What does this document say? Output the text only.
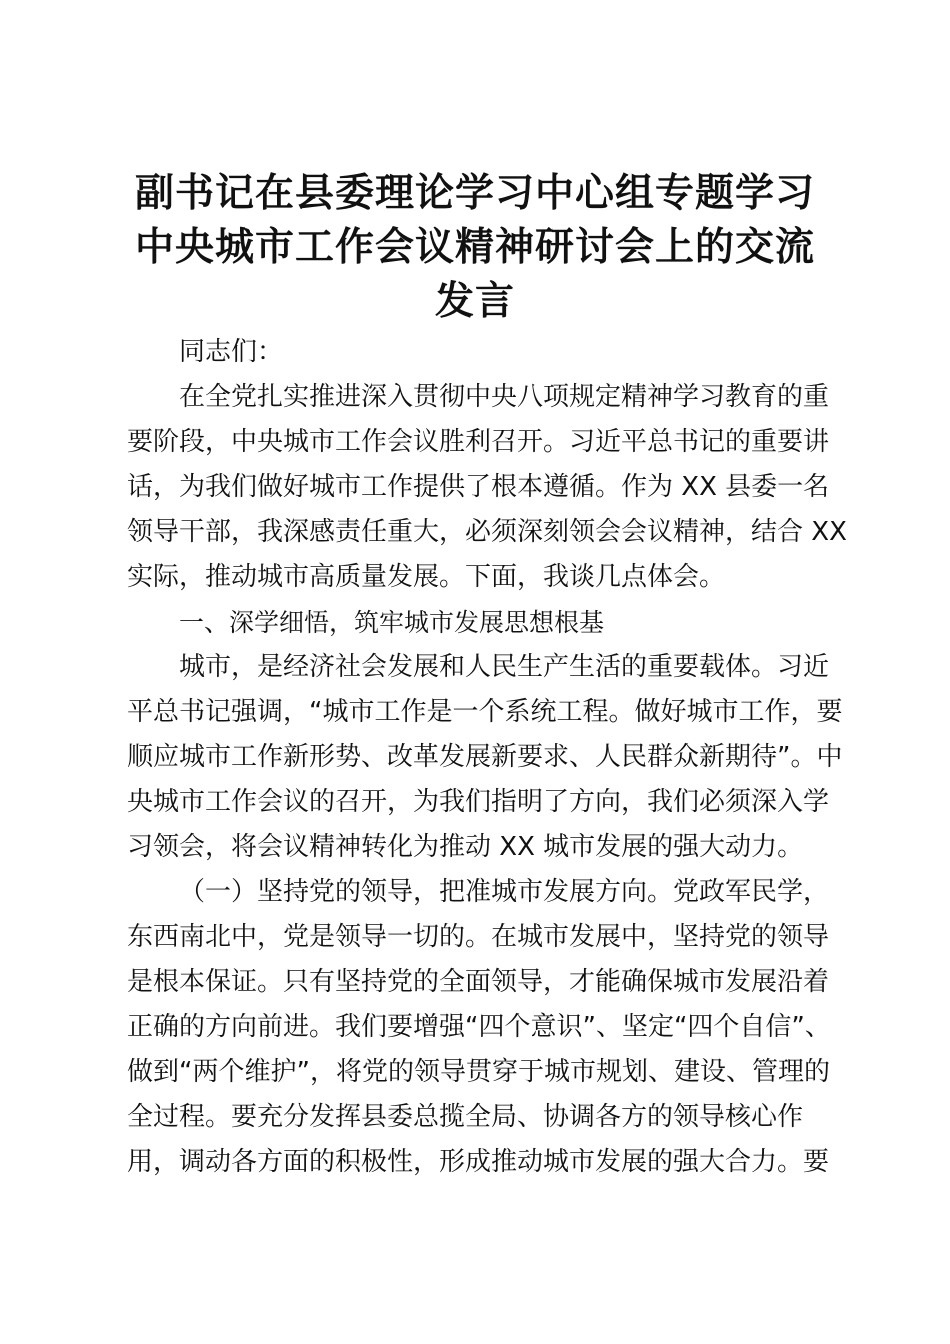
副书记在县委理论学习中心组专题学习
中央城市工作会议精神研讨会上的交流
发言

同志们：

在全党扎实推进深入贯彻中央八项规定精神学习教育的重
要阶段，中央城市工作会议胜利召开。习近平总书记的重要讲
话，为我们做好城市工作提供了根本遵循。作为 XX 县委一名
领导干部，我深感责任重大，必须深刻领会会议精神，结合 XX
实际，推动城市高质量发展。下面，我谈几点体会。

一、深学细悟，筑牢城市发展思想根基

城市，是经济社会发展和人民生产生活的重要载体。习近
平总书记强调，“城市工作是一个系统工程。做好城市工作，要
顺应城市工作新形势、改革发展新要求、人民群众新期待”。中
央城市工作会议的召开，为我们指明了方向，我们必须深入学
习领会，将会议精神转化为推动 XX 城市发展的强大动力。

（一）坚持党的领导，把准城市发展方向。党政军民学，
东西南北中，党是领导一切的。在城市发展中，坚持党的领导
是根本保证。只有坚持党的全面领导，才能确保城市发展沿着
正确的方向前进。我们要增强“四个意识”、坚定“四个自信”、
做到“两个维护”，将党的领导贯穿于城市规划、建设、管理的
全过程。要充分发挥县委总揽全局、协调各方的领导核心作
用，调动各方面的积极性，形成推动城市发展的强大合力。要
